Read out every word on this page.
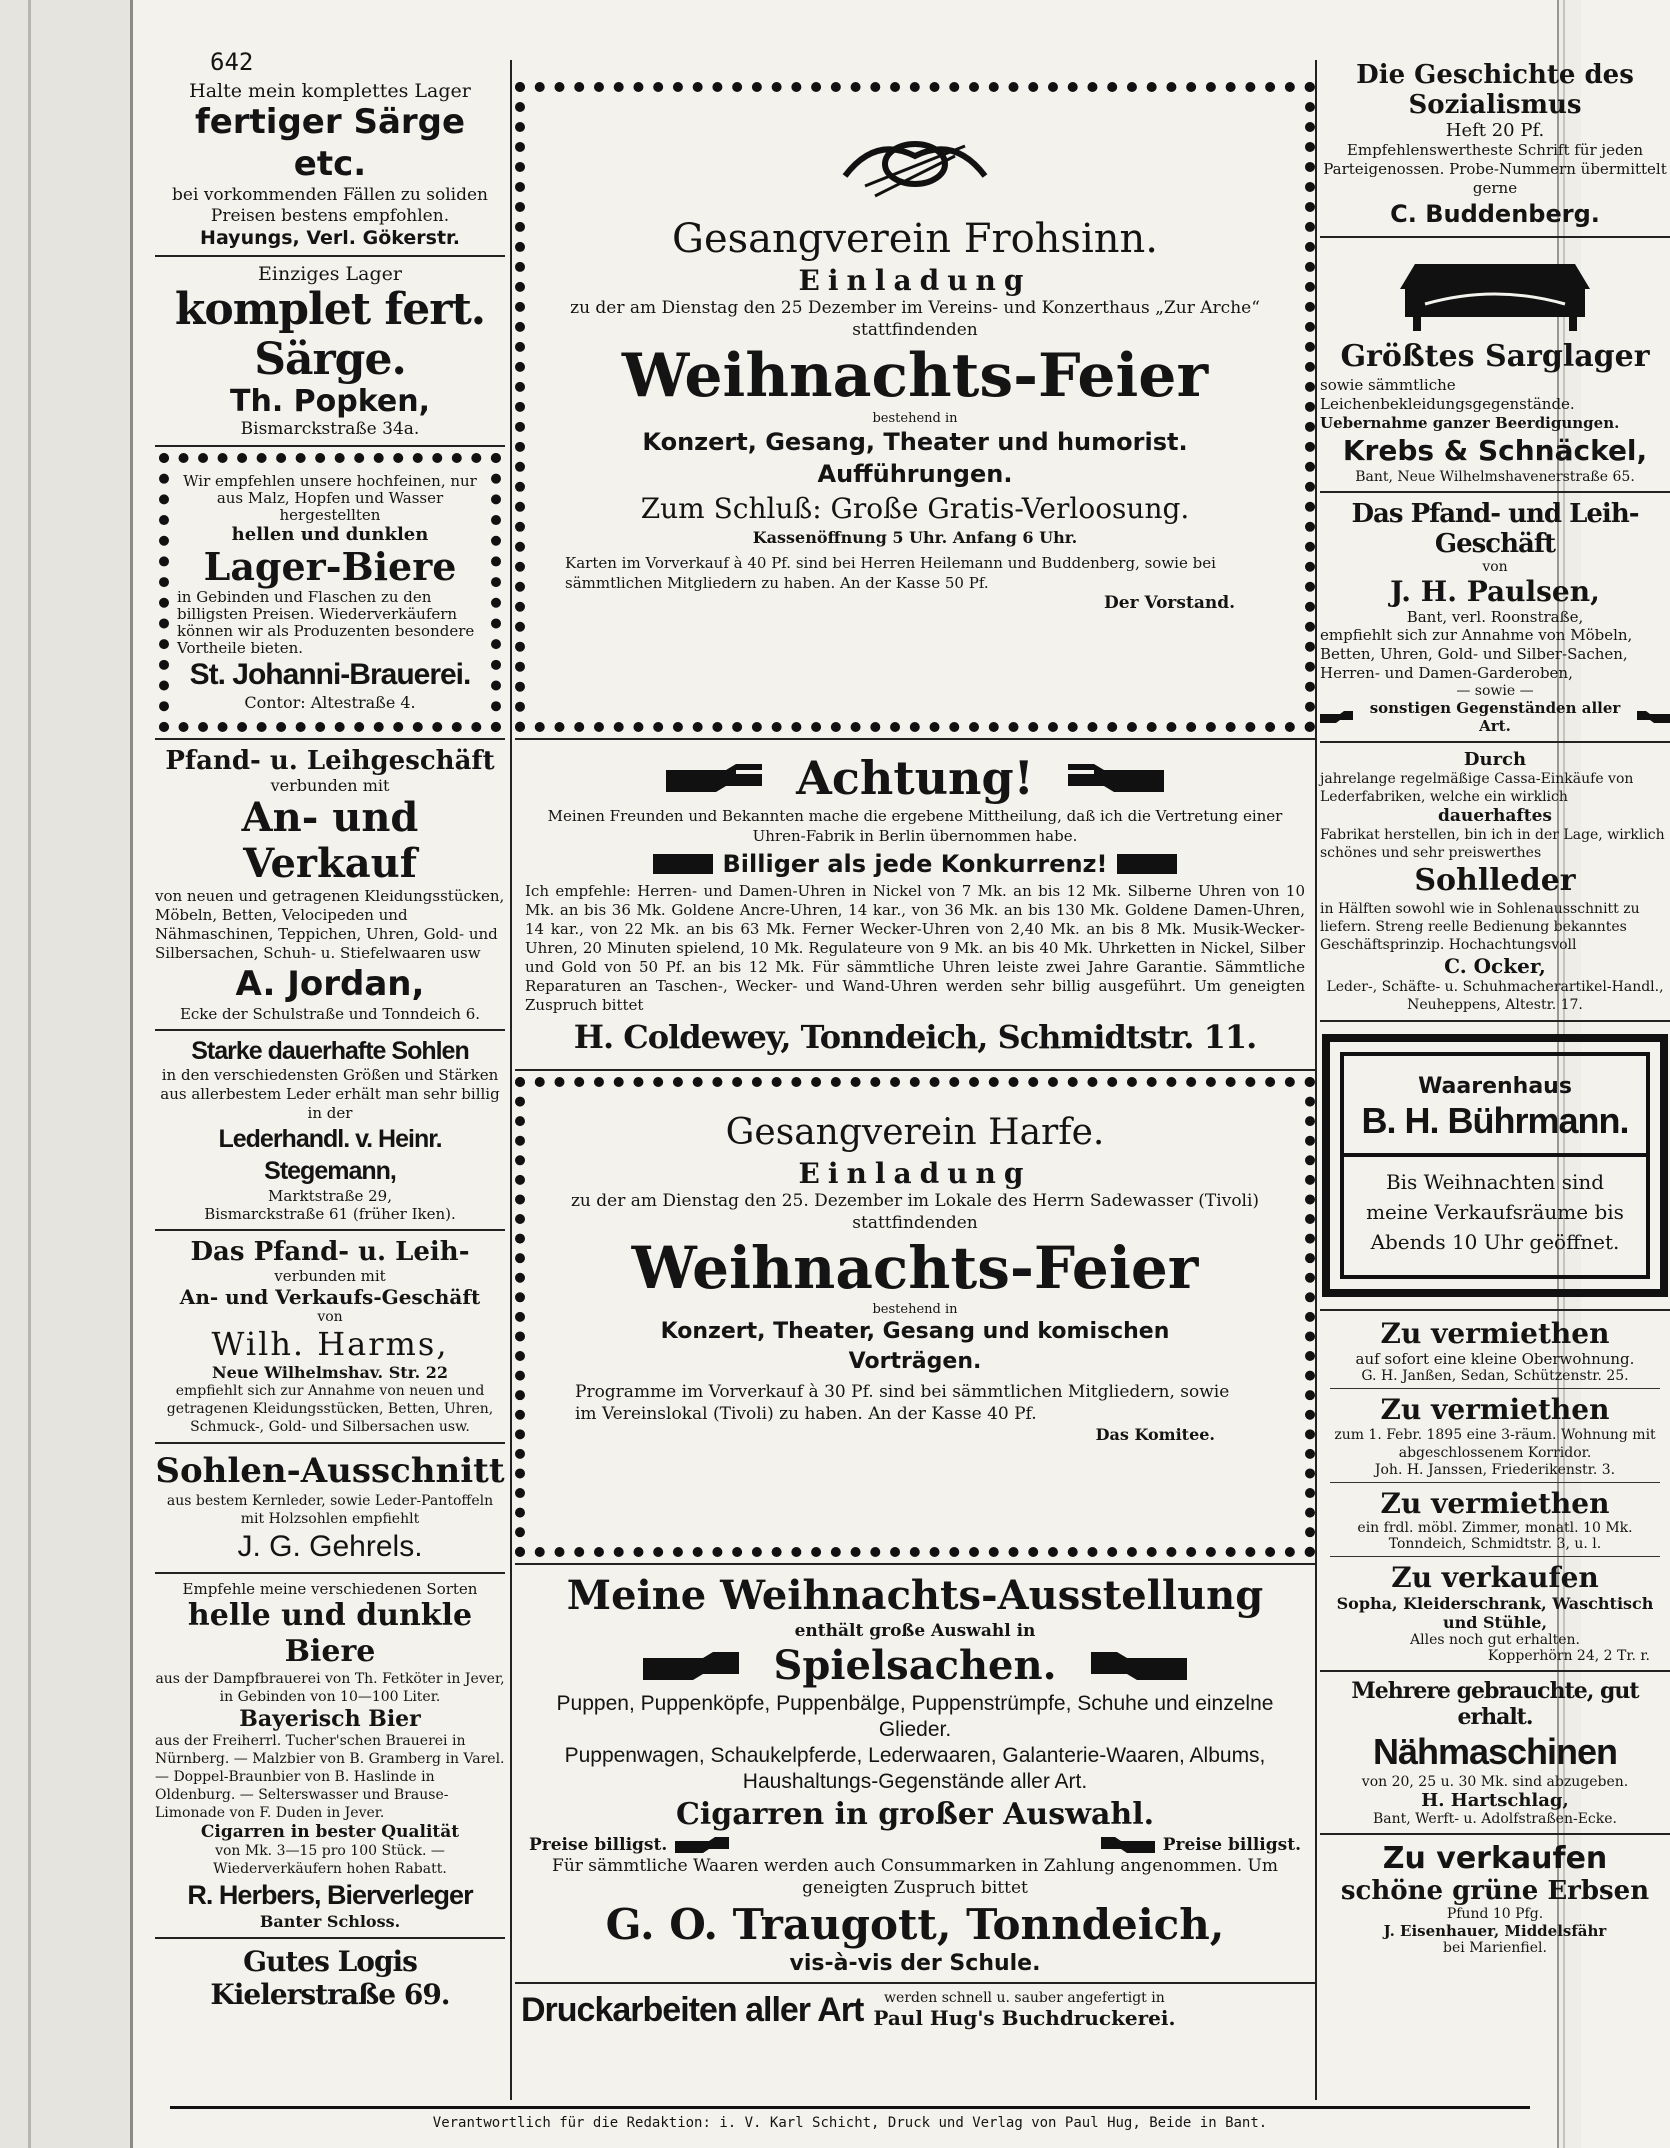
642
Halte mein komplettes Lager
fertiger Särge etc.
bei vorkommenden Fällen zu soliden Preisen bestens empfohlen.
Hayungs, Verl. Gökerstr.
Einziges Lager
komplet fert. Särge.
Th. Popken,
Bismarckstraße 34a.
Wir empfehlen unsere hochfeinen, nur aus Malz, Hopfen und Wasser hergestellten
hellen und dunklen
Lager-Biere
in Gebinden und Flaschen zu den billigsten Preisen. Wiederverkäufern können wir als Produzenten besondere Vortheile bieten.
St. Johanni-Brauerei.
Contor: Altestraße 4.
Pfand- u. Leihgeschäft
verbunden mit
An- und Verkauf
von neuen und getragenen Kleidungsstücken, Möbeln, Betten, Velocipeden und Nähmaschinen, Teppichen, Uhren, Gold- und Silbersachen, Schuh- u. Stiefelwaaren usw
A. Jordan,
Ecke der Schulstraße und Tonndeich 6.
Starke dauerhafte Sohlen
in den verschiedensten Größen und Stärken aus allerbestem Leder erhält man sehr billig in der
Lederhandl. v. Heinr. Stegemann,
Marktstraße 29,
Bismarckstraße 61 (früher Iken).
Das Pfand- u. Leih-
verbunden mit
An- und Verkaufs-Geschäft
von
Wilh. Harms,
Neue Wilhelmshav. Str. 22
empfiehlt sich zur Annahme von neuen und getragenen Kleidungsstücken, Betten, Uhren, Schmuck-, Gold- und Silbersachen usw.
Sohlen-Ausschnitt
aus bestem Kernleder, sowie Leder-Pantoffeln mit Holzsohlen empfiehlt
J. G. Gehrels.
Empfehle meine verschiedenen Sorten
helle und dunkle Biere
aus der Dampfbrauerei von Th. Fetköter in Jever, in Gebinden von 10—100 Liter.
Bayerisch Bier
aus der Freiherrl. Tucher'schen Brauerei in Nürnberg. — Malzbier von B. Gramberg in Varel. — Doppel-Braunbier von B. Haslinde in Oldenburg. — Selterswasser und Brause-Limonade von F. Duden in Jever.
Cigarren in bester Qualität
von Mk. 3—15 pro 100 Stück. — Wiederverkäufern hohen Rabatt.
R. Herbers, Bierverleger
Banter Schloss.
Gutes Logis Kielerstraße 69.
Gesangverein Frohsinn.
Einladung
zu der am Dienstag den 25 Dezember im Vereins- und Konzerthaus „Zur Arche“ stattfindenden
Weihnachts-Feier
bestehend in
Konzert, Gesang, Theater und humorist. Aufführungen.
Zum Schluß: Große Gratis-Verloosung.
Kassenöffnung 5 Uhr. Anfang 6 Uhr.
Karten im Vorverkauf à 40 Pf. sind bei Herren Heilemann und Buddenberg, sowie bei sämmtlichen Mitgliedern zu haben. An der Kasse 50 Pf.
Der Vorstand.
Achtung!
Meinen Freunden und Bekannten mache die ergebene Mittheilung, daß ich die Vertretung einer Uhren-Fabrik in Berlin übernommen habe.
Billiger als jede Konkurrenz!
Ich empfehle: Herren- und Damen-Uhren in Nickel von 7 Mk. an bis 12 Mk. Silberne Uhren von 10 Mk. an bis 36 Mk. Goldene Ancre-Uhren, 14 kar., von 36 Mk. an bis 130 Mk. Goldene Damen-Uhren, 14 kar., von 22 Mk. an bis 63 Mk. Ferner Wecker-Uhren von 2,40 Mk. an bis 8 Mk. Musik-Wecker-Uhren, 20 Minuten spielend, 10 Mk. Regulateure von 9 Mk. an bis 40 Mk. Uhrketten in Nickel, Silber und Gold von 50 Pf. an bis 12 Mk. Für sämmtliche Uhren leiste zwei Jahre Garantie. Sämmtliche Reparaturen an Taschen-, Wecker- und Wand-Uhren werden sehr billig ausgeführt. Um geneigten Zuspruch bittet
H. Coldewey, Tonndeich, Schmidtstr. 11.
Gesangverein Harfe.
Einladung
zu der am Dienstag den 25. Dezember im Lokale des Herrn Sadewasser (Tivoli) stattfindenden
Weihnachts-Feier
bestehend in
Konzert, Theater, Gesang und komischen Vorträgen.
Programme im Vorverkauf à 30 Pf. sind bei sämmtlichen Mitgliedern, sowie im Vereinslokal (Tivoli) zu haben. An der Kasse 40 Pf.
Das Komitee.
Meine Weihnachts-Ausstellung
enthält große Auswahl in
Spielsachen.
Puppen, Puppenköpfe, Puppenbälge, Puppenstrümpfe, Schuhe und einzelne Glieder.
Puppenwagen, Schaukelpferde, Lederwaaren, Galanterie-Waaren, Albums, Haushaltungs-Gegenstände aller Art.
Cigarren in großer Auswahl.
Preise billigst.	Preise billigst.
Für sämmtliche Waaren werden auch Consummarken in Zahlung angenommen. Um geneigten Zuspruch bittet
G. O. Traugott, Tonndeich,
vis-à-vis der Schule.
Druckarbeiten aller Art	werden schnell u. sauber angefertigt in
Paul Hug's Buchdruckerei.
Die Geschichte des Sozialismus
Heft 20 Pf.
Empfehlenswertheste Schrift für jeden Parteigenossen. Probe-Nummern übermittelt gerne
C. Buddenberg.
Größtes Sarglager
sowie sämmtliche Leichenbekleidungsgegenstände.
Uebernahme ganzer Beerdigungen.
Krebs & Schnäckel,
Bant, Neue Wilhelmshavenerstraße 65.
Das Pfand- und Leih-Geschäft
von
J. H. Paulsen,
Bant, verl. Roonstraße,
empfiehlt sich zur Annahme von Möbeln, Betten, Uhren, Gold- und Silber-Sachen, Herren- und Damen-Garderoben,
— sowie —
sonstigen Gegenständen aller Art.
Durch
jahrelange regelmäßige Cassa-Einkäufe von Lederfabriken, welche ein wirklich
dauerhaftes
Fabrikat herstellen, bin ich in der Lage, wirklich schönes und sehr preiswerthes
Sohlleder
in Hälften sowohl wie in Sohlenausschnitt zu liefern. Streng reelle Bedienung bekanntes Geschäftsprinzip. Hochachtungsvoll
C. Ocker,
Leder-, Schäfte- u. Schuhmacherartikel-Handl., Neuheppens, Altestr. 17.
Waarenhaus
B. H. Bührmann.
Bis Weihnachten sind meine Verkaufsräume bis Abends 10 Uhr geöffnet.
Zu vermiethen
auf sofort eine kleine Oberwohnung.
G. H. Janßen, Sedan, Schützenstr. 25.
Zu vermiethen
zum 1. Febr. 1895 eine 3-räum. Wohnung mit abgeschlossenem Korridor.
Joh. H. Janssen, Friederikenstr. 3.
Zu vermiethen
ein frdl. möbl. Zimmer, monatl. 10 Mk.
Tonndeich, Schmidtstr. 3, u. l.
Zu verkaufen
Sopha, Kleiderschrank, Waschtisch und Stühle,
Alles noch gut erhalten.
Kopperhörn 24, 2 Tr. r.
Mehrere gebrauchte, gut erhalt.
Nähmaschinen
von 20, 25 u. 30 Mk. sind abzugeben.
H. Hartschlag,
Bant, Werft- u. Adolfstraßen-Ecke.
Zu verkaufen
schöne grüne Erbsen
Pfund 10 Pfg.
J. Eisenhauer, Middelsfähr
bei Marienfiel.
Verantwortlich für die Redaktion: i. V. Karl Schicht, Druck und Verlag von Paul Hug, Beide in Bant.
